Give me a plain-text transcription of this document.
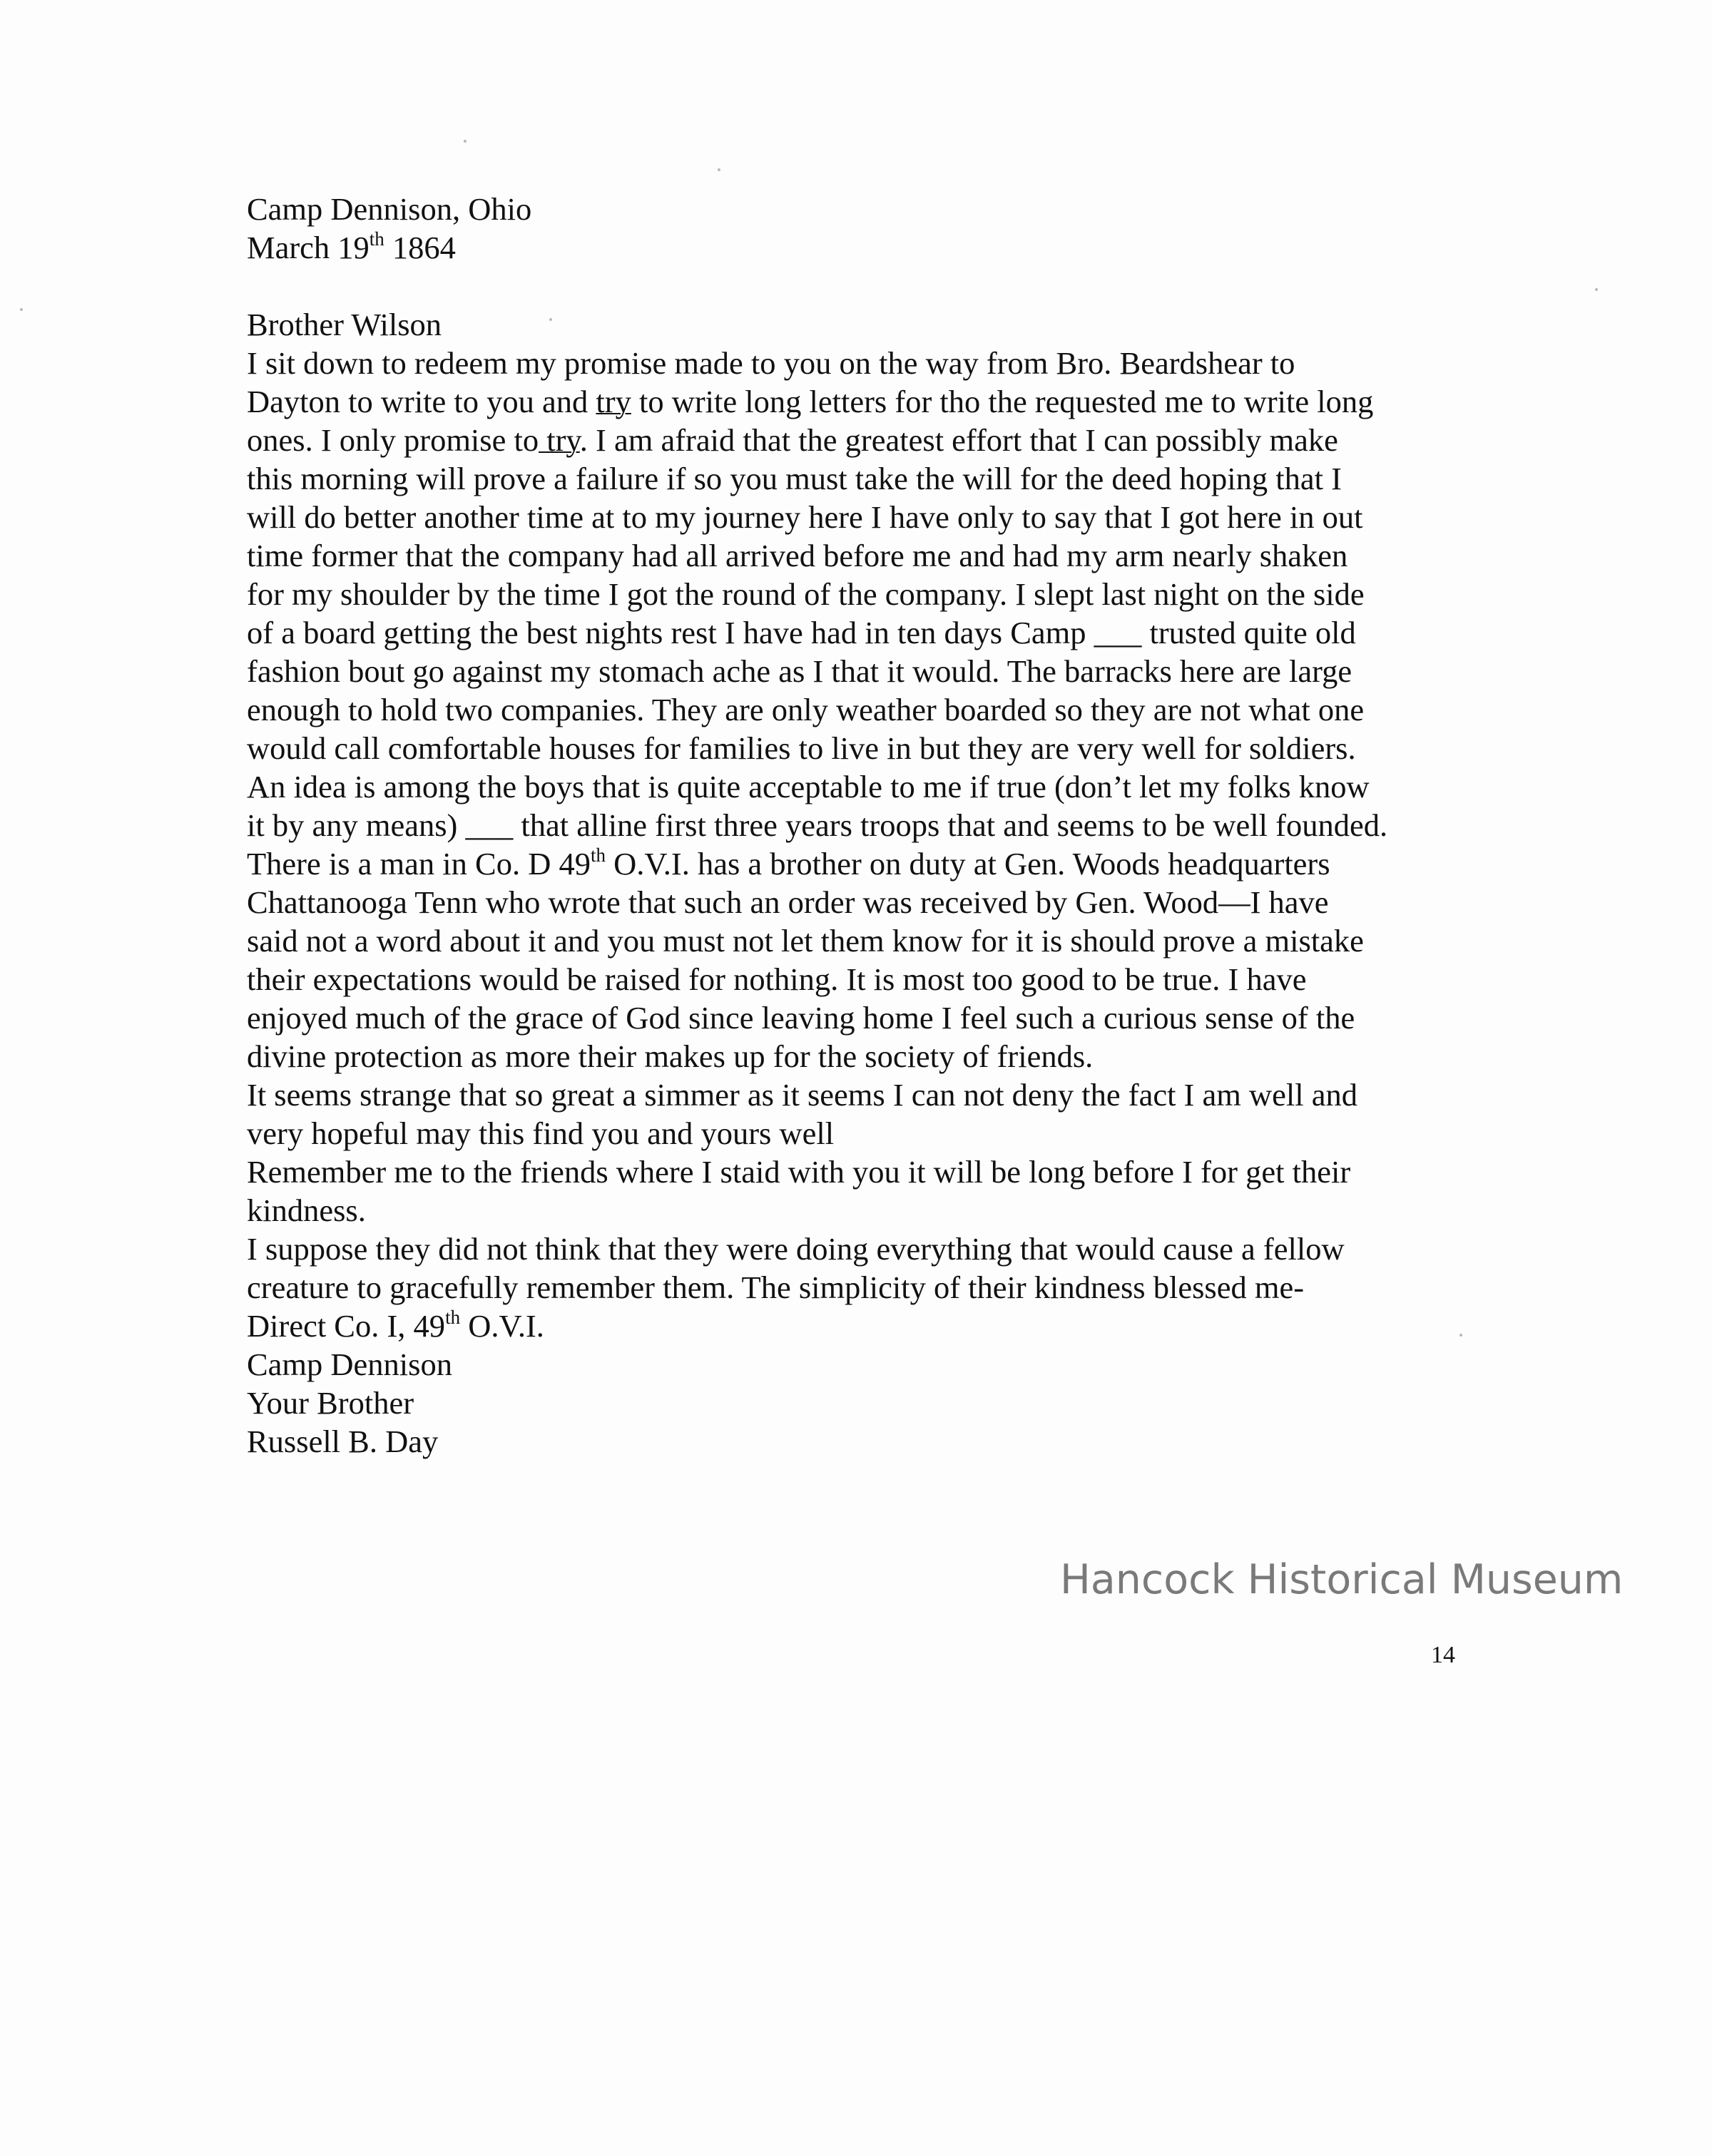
Camp Dennison, Ohio
March 19th 1864
Brother Wilson
I sit down to redeem my promise made to you on the way from Bro. Beardshear to
Dayton to write to you and try to write long letters for tho the requested me to write long
ones. I only promise to try. I am afraid that the greatest effort that I can possibly make
this morning will prove a failure if so you must take the will for the deed hoping that I
will do better another time at to my journey here I have only to say that I got here in out
time former that the company had all arrived before me and had my arm nearly shaken
for my shoulder by the time I got the round of the company. I slept last night on the side
of a board getting the best nights rest I have had in ten days Camp ___ trusted quite old
fashion bout go against my stomach ache as I that it would. The barracks here are large
enough to hold two companies. They are only weather boarded so they are not what one
would call comfortable houses for families to live in but they are very well for soldiers.
An idea is among the boys that is quite acceptable to me if true (don’t let my folks know
it by any means) ___ that alline first three years troops that and seems to be well founded.
There is a man in Co. D 49th O.V.I. has a brother on duty at Gen. Woods headquarters
Chattanooga Tenn who wrote that such an order was received by Gen. Wood—I have
said not a word about it and you must not let them know for it is should prove a mistake
their expectations would be raised for nothing. It is most too good to be true. I have
enjoyed much of the grace of God since leaving home I feel such a curious sense of the
divine protection as more their makes up for the society of friends.
It seems strange that so great a simmer as it seems I can not deny the fact I am well and
very hopeful may this find you and yours well
Remember me to the friends where I staid with you it will be long before I for get their
kindness.
I suppose they did not think that they were doing everything that would cause a fellow
creature to gracefully remember them. The simplicity of their kindness blessed me-
Direct Co. I, 49th O.V.I.
Camp Dennison
Your Brother
Russell B. Day
Hancock Historical Museum
14
